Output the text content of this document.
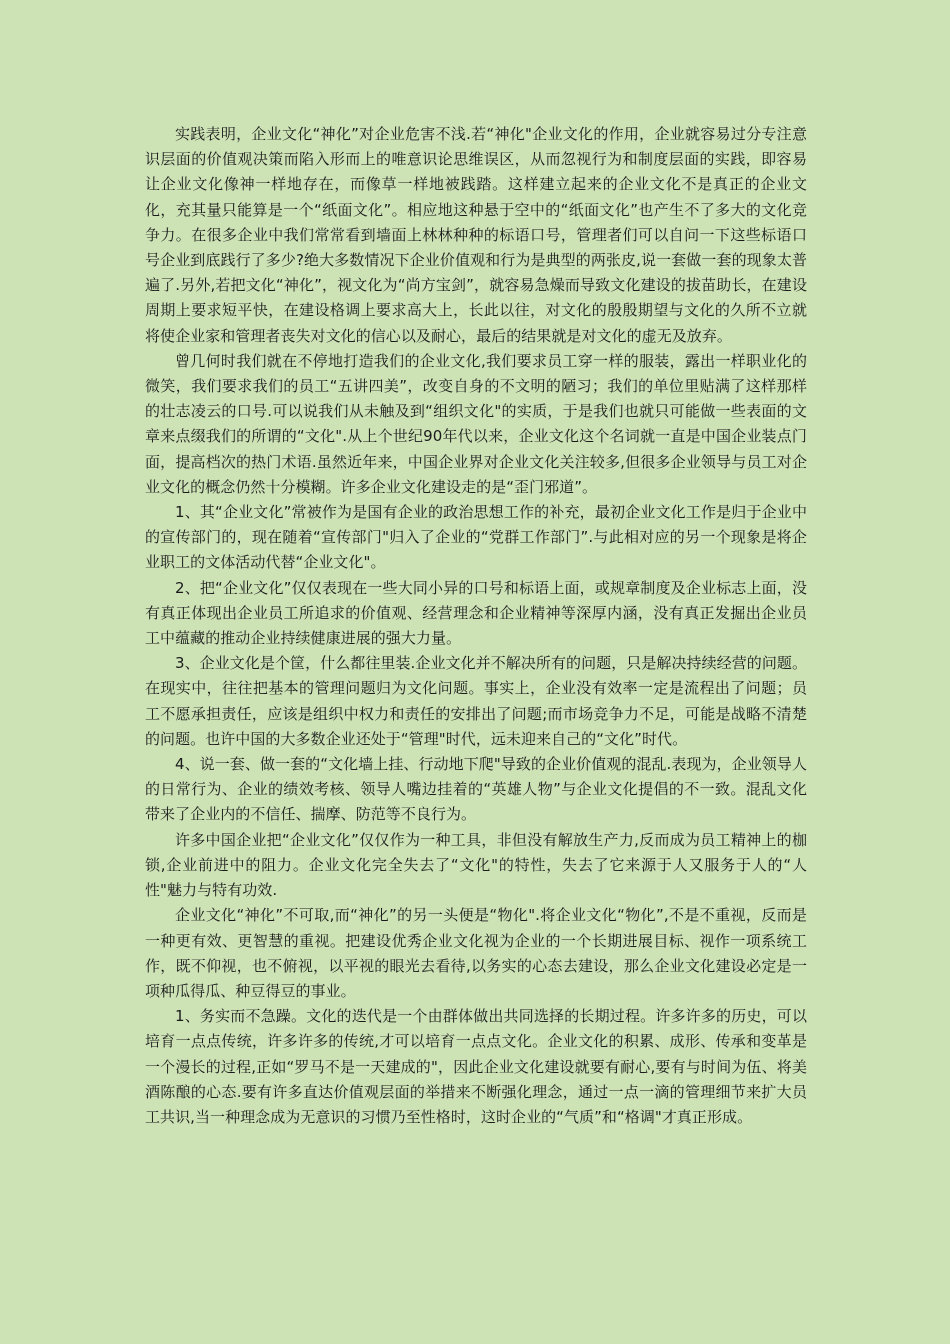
实践表明，企业文化“神化”对企业危害不浅.若“神化"企业文化的作用，企业就容易过分专注意识层面的价值观决策而陷入形而上的唯意识论思维误区，从而忽视行为和制度层面的实践，即容易让企业文化像神一样地存在，而像草一样地被践踏。这样建立起来的企业文化不是真正的企业文化，充其量只能算是一个“纸面文化”。相应地这种悬于空中的“纸面文化”也产生不了多大的文化竞争力。在很多企业中我们常常看到墙面上林林种种的标语口号，管理者们可以自问一下这些标语口号企业到底践行了多少?绝大多数情况下企业价值观和行为是典型的两张皮,说一套做一套的现象太普遍了.另外,若把文化“神化”，视文化为“尚方宝剑”，就容易急燥而导致文化建设的拔苗助长，在建设周期上要求短平快，在建设格调上要求高大上，长此以往，对文化的殷殷期望与文化的久所不立就将使企业家和管理者丧失对文化的信心以及耐心，最后的结果就是对文化的虚无及放弃。

曾几何时我们就在不停地打造我们的企业文化,我们要求员工穿一样的服装，露出一样职业化的微笑，我们要求我们的员工“五讲四美”，改变自身的不文明的陋习；我们的单位里贴满了这样那样的壮志凌云的口号.可以说我们从未触及到“组织文化"的实质，于是我们也就只可能做一些表面的文章来点缀我们的所谓的“文化".从上个世纪90年代以来，企业文化这个名词就一直是中国企业装点门面，提高档次的热门术语.虽然近年来，中国企业界对企业文化关注较多,但很多企业领导与员工对企业文化的概念仍然十分模糊。许多企业文化建设走的是“歪门邪道”。

1、其“企业文化”常被作为是国有企业的政治思想工作的补充，最初企业文化工作是归于企业中的宣传部门的，现在随着“宣传部门"归入了企业的“党群工作部门”.与此相对应的另一个现象是将企业职工的文体活动代替“企业文化"。

2、把“企业文化”仅仅表现在一些大同小异的口号和标语上面，或规章制度及企业标志上面，没有真正体现出企业员工所追求的价值观、经营理念和企业精神等深厚内涵，没有真正发掘出企业员工中蕴藏的推动企业持续健康进展的强大力量。

3、企业文化是个筐，什么都往里装.企业文化并不解决所有的问题，只是解决持续经营的问题。在现实中，往往把基本的管理问题归为文化问题。事实上，企业没有效率一定是流程出了问题；员工不愿承担责任，应该是组织中权力和责任的安排出了问题;而市场竞争力不足，可能是战略不清楚的问题。也许中国的大多数企业还处于“管理"时代，远未迎来自己的“文化”时代。

4、说一套、做一套的“文化墙上挂、行动地下爬"导致的企业价值观的混乱.表现为，企业领导人的日常行为、企业的绩效考核、领导人嘴边挂着的“英雄人物”与企业文化提倡的不一致。混乱文化带来了企业内的不信任、揣摩、防范等不良行为。

许多中国企业把“企业文化”仅仅作为一种工具，非但没有解放生产力,反而成为员工精神上的枷锁,企业前进中的阻力。企业文化完全失去了“文化"的特性，失去了它来源于人又服务于人的“人性"魅力与特有功效.

企业文化“神化”不可取,而“神化”的另一头便是“物化".将企业文化“物化”,不是不重视，反而是一种更有效、更智慧的重视。把建设优秀企业文化视为企业的一个长期进展目标、视作一项系统工作，既不仰视，也不俯视，以平视的眼光去看待,以务实的心态去建设，那么企业文化建设必定是一项种瓜得瓜、种豆得豆的事业。

1、务实而不急躁。文化的迭代是一个由群体做出共同选择的长期过程。许多许多的历史，可以培育一点点传统，许多许多的传统,才可以培育一点点文化。企业文化的积累、成形、传承和变革是一个漫长的过程,正如“罗马不是一天建成的"，因此企业文化建设就要有耐心,要有与时间为伍、将美酒陈酿的心态.要有许多直达价值观层面的举措来不断强化理念，通过一点一滴的管理细节来扩大员工共识,当一种理念成为无意识的习惯乃至性格时，这时企业的“气质”和“格调"才真正形成。
